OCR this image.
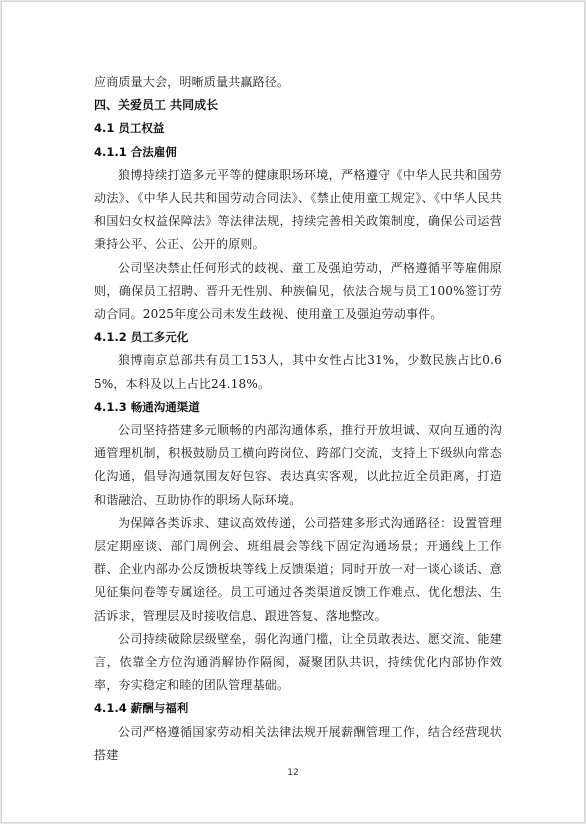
应商质量大会，明晰质量共赢路径。

四、关爱员工 共同成长

4.1 员工权益

4.1.1 合法雇佣

狼博持续打造多元平等的健康职场环境，严格遵守《中华人民共和国劳动法》、《中华人民共和国劳动合同法》、《禁止使用童工规定》、《中华人民共和国妇女权益保障法》等法律法规，持续完善相关政策制度，确保公司运营秉持公平、公正、公开的原则。

公司坚决禁止任何形式的歧视、童工及强迫劳动，严格遵循平等雇佣原则，确保员工招聘、晋升无性别、种族偏见，依法合规与员工100%签订劳动合同。2025年度公司未发生歧视、使用童工及强迫劳动事件。

4.1.2 员工多元化

狼博南京总部共有员工153人，其中女性占比31%，少数民族占比0.65%，本科及以上占比24.18%。

4.1.3 畅通沟通渠道

公司坚持搭建多元顺畅的内部沟通体系，推行开放坦诚、双向互通的沟通管理机制，积极鼓励员工横向跨岗位、跨部门交流，支持上下级纵向常态化沟通，倡导沟通氛围友好包容、表达真实客观，以此拉近全员距离，打造和谐融洽、互助协作的职场人际环境。

为保障各类诉求、建议高效传递，公司搭建多形式沟通路径：设置管理层定期座谈、部门周例会、班组晨会等线下固定沟通场景；开通线上工作群、企业内部办公反馈板块等线上反馈渠道；同时开放一对一谈心谈话、意见征集问卷等专属途径。员工可通过各类渠道反馈工作难点、优化想法、生活诉求，管理层及时接收信息、跟进答复、落地整改。

公司持续破除层级壁垒，弱化沟通门槛，让全员敢表达、愿交流、能建言，依靠全方位沟通消解协作隔阂，凝聚团队共识，持续优化内部协作效率，夯实稳定和睦的团队管理基础。

4.1.4 薪酬与福利

公司严格遵循国家劳动相关法律法规开展薪酬管理工作，结合经营现状搭建

12
